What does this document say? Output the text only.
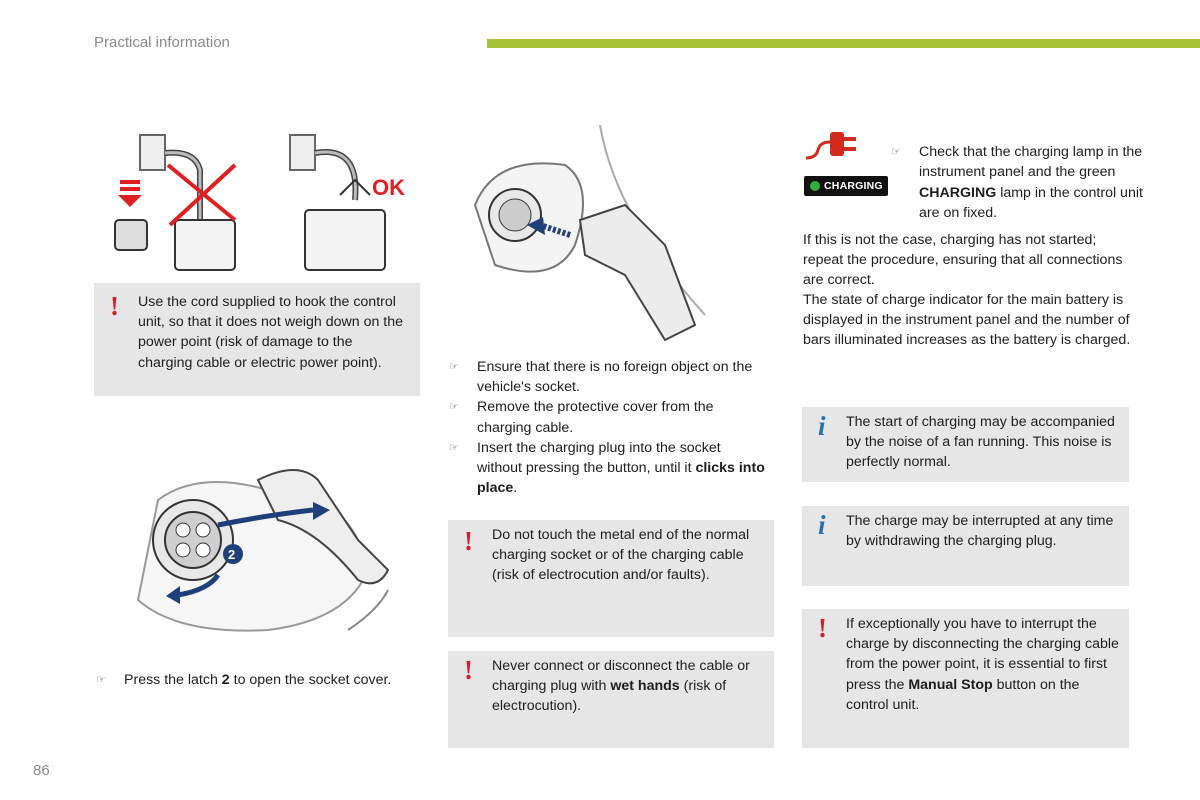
Practical information
OK
! Use the cord supplied to hook the control unit, so that it does not weigh down on the power point (risk of damage to the charging cable or electric power point).
2
☞ Press the latch 2 to open the socket cover.
☞ Ensure that there is no foreign object on the vehicle's socket.
☞ Remove the protective cover from the charging cable.
☞ Insert the charging plug into the socket without pressing the button, until it clicks into place.
! Do not touch the metal end of the normal charging socket or of the charging cable (risk of electrocution and/or faults).
! Never connect or disconnect the cable or charging plug with wet hands (risk of electrocution).
CHARGING
☞ Check that the charging lamp in the instrument panel and the green CHARGING lamp in the control unit are on fixed.
If this is not the case, charging has not started; repeat the procedure, ensuring that all connections are correct.
The state of charge indicator for the main battery is displayed in the instrument panel and the number of bars illuminated increases as the battery is charged.
i The start of charging may be accompanied by the noise of a fan running. This noise is perfectly normal.
i The charge may be interrupted at any time by withdrawing the charging plug.
! If exceptionally you have to interrupt the charge by disconnecting the charging cable from the power point, it is essential to first press the Manual Stop button on the control unit.
86
